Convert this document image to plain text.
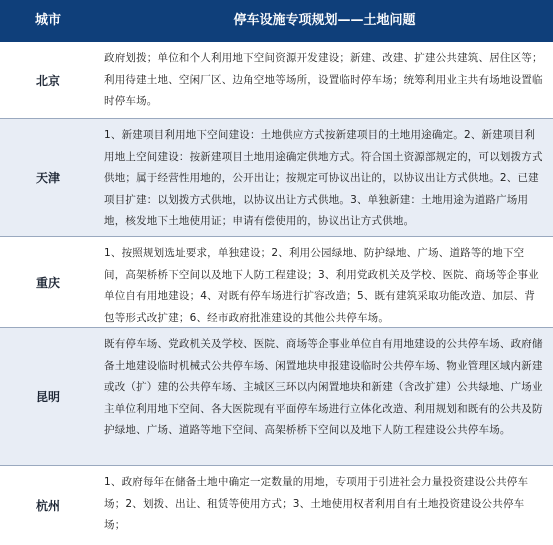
城市	停车设施专项规划——土地问题
北京
政府划拨；单位和个人利用地下空间资源开发建设；新建、改建、扩建公共建筑、居住区等；利用待建土地、空闲厂区、边角空地等场所，设置临时停车场；统筹利用业主共有场地设置临时停车场。
天津
1、新建项目利用地下空间建设：土地供应方式按新建项目的土地用途确定。2、新建项目利用地上空间建设：按新建项目土地用途确定供地方式。符合国土资源部规定的，可以划拨方式供地；属于经营性用地的，公开出让；按规定可协议出让的，以协议出让方式供地。2、已建项目扩建：以划拨方式供地，以协议出让方式供地。3、单独新建：土地用途为道路广场用地，核发地下土地使用证；申请有偿使用的，协议出让方式供地。
重庆
1、按照规划选址要求，单独建设；2、利用公园绿地、防护绿地、广场、道路等的地下空间，高架桥桥下空间以及地下人防工程建设；3、利用党政机关及学校、医院、商场等企事业单位自有用地建设；4、对既有停车场进行扩容改造；5、既有建筑采取功能改造、加层、背包等形式改扩建；6、经市政府批准建设的其他公共停车场。
昆明
既有停车场、党政机关及学校、医院、商场等企事业单位自有用地建设的公共停车场、政府储备土地建设临时机械式公共停车场、闲置地块申报建设临时公共停车场、物业管理区域内新建或改（扩）建的公共停车场、主城区三环以内闲置地块和新建（含改扩建）公共绿地、广场业主单位利用地下空间、各大医院现有平面停车场进行立体化改造、利用规划和既有的公共及防护绿地、广场、道路等地下空间、高架桥桥下空间以及地下人防工程建设公共停车场。
杭州
1、政府每年在储备土地中确定一定数量的用地，专项用于引进社会力量投资建设公共停车场；2、划拨、出让、租赁等使用方式；3、土地使用权者利用自有土地投资建设公共停车场；
